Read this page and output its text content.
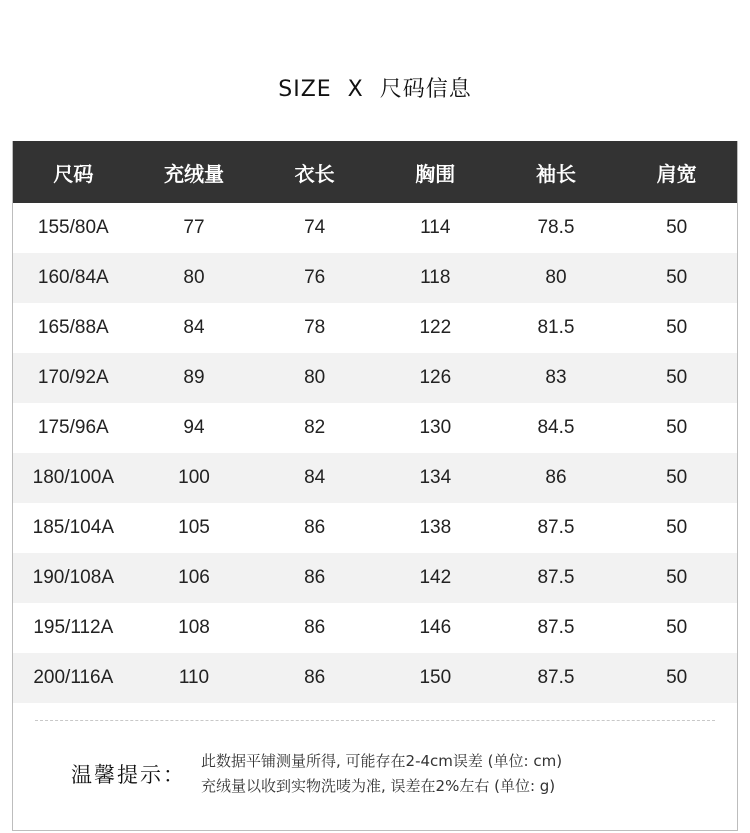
SIZE  X  尺码信息
尺码	充绒量	衣长	胸围	袖长	肩宽
155/80A	77	74	114	78.5	50
160/84A	80	76	118	80	50
165/88A	84	78	122	81.5	50
170/92A	89	80	126	83	50
175/96A	94	82	130	84.5	50
180/100A	100	84	134	86	50
185/104A	105	86	138	87.5	50
190/108A	106	86	142	87.5	50
195/112A	108	86	146	87.5	50
200/116A	110	86	150	87.5	50
温馨提示：
此数据平铺测量所得, 可能存在2-4cm误差 (单位: cm)
充绒量以收到实物洗唛为准, 误差在2%左右 (单位: g)
